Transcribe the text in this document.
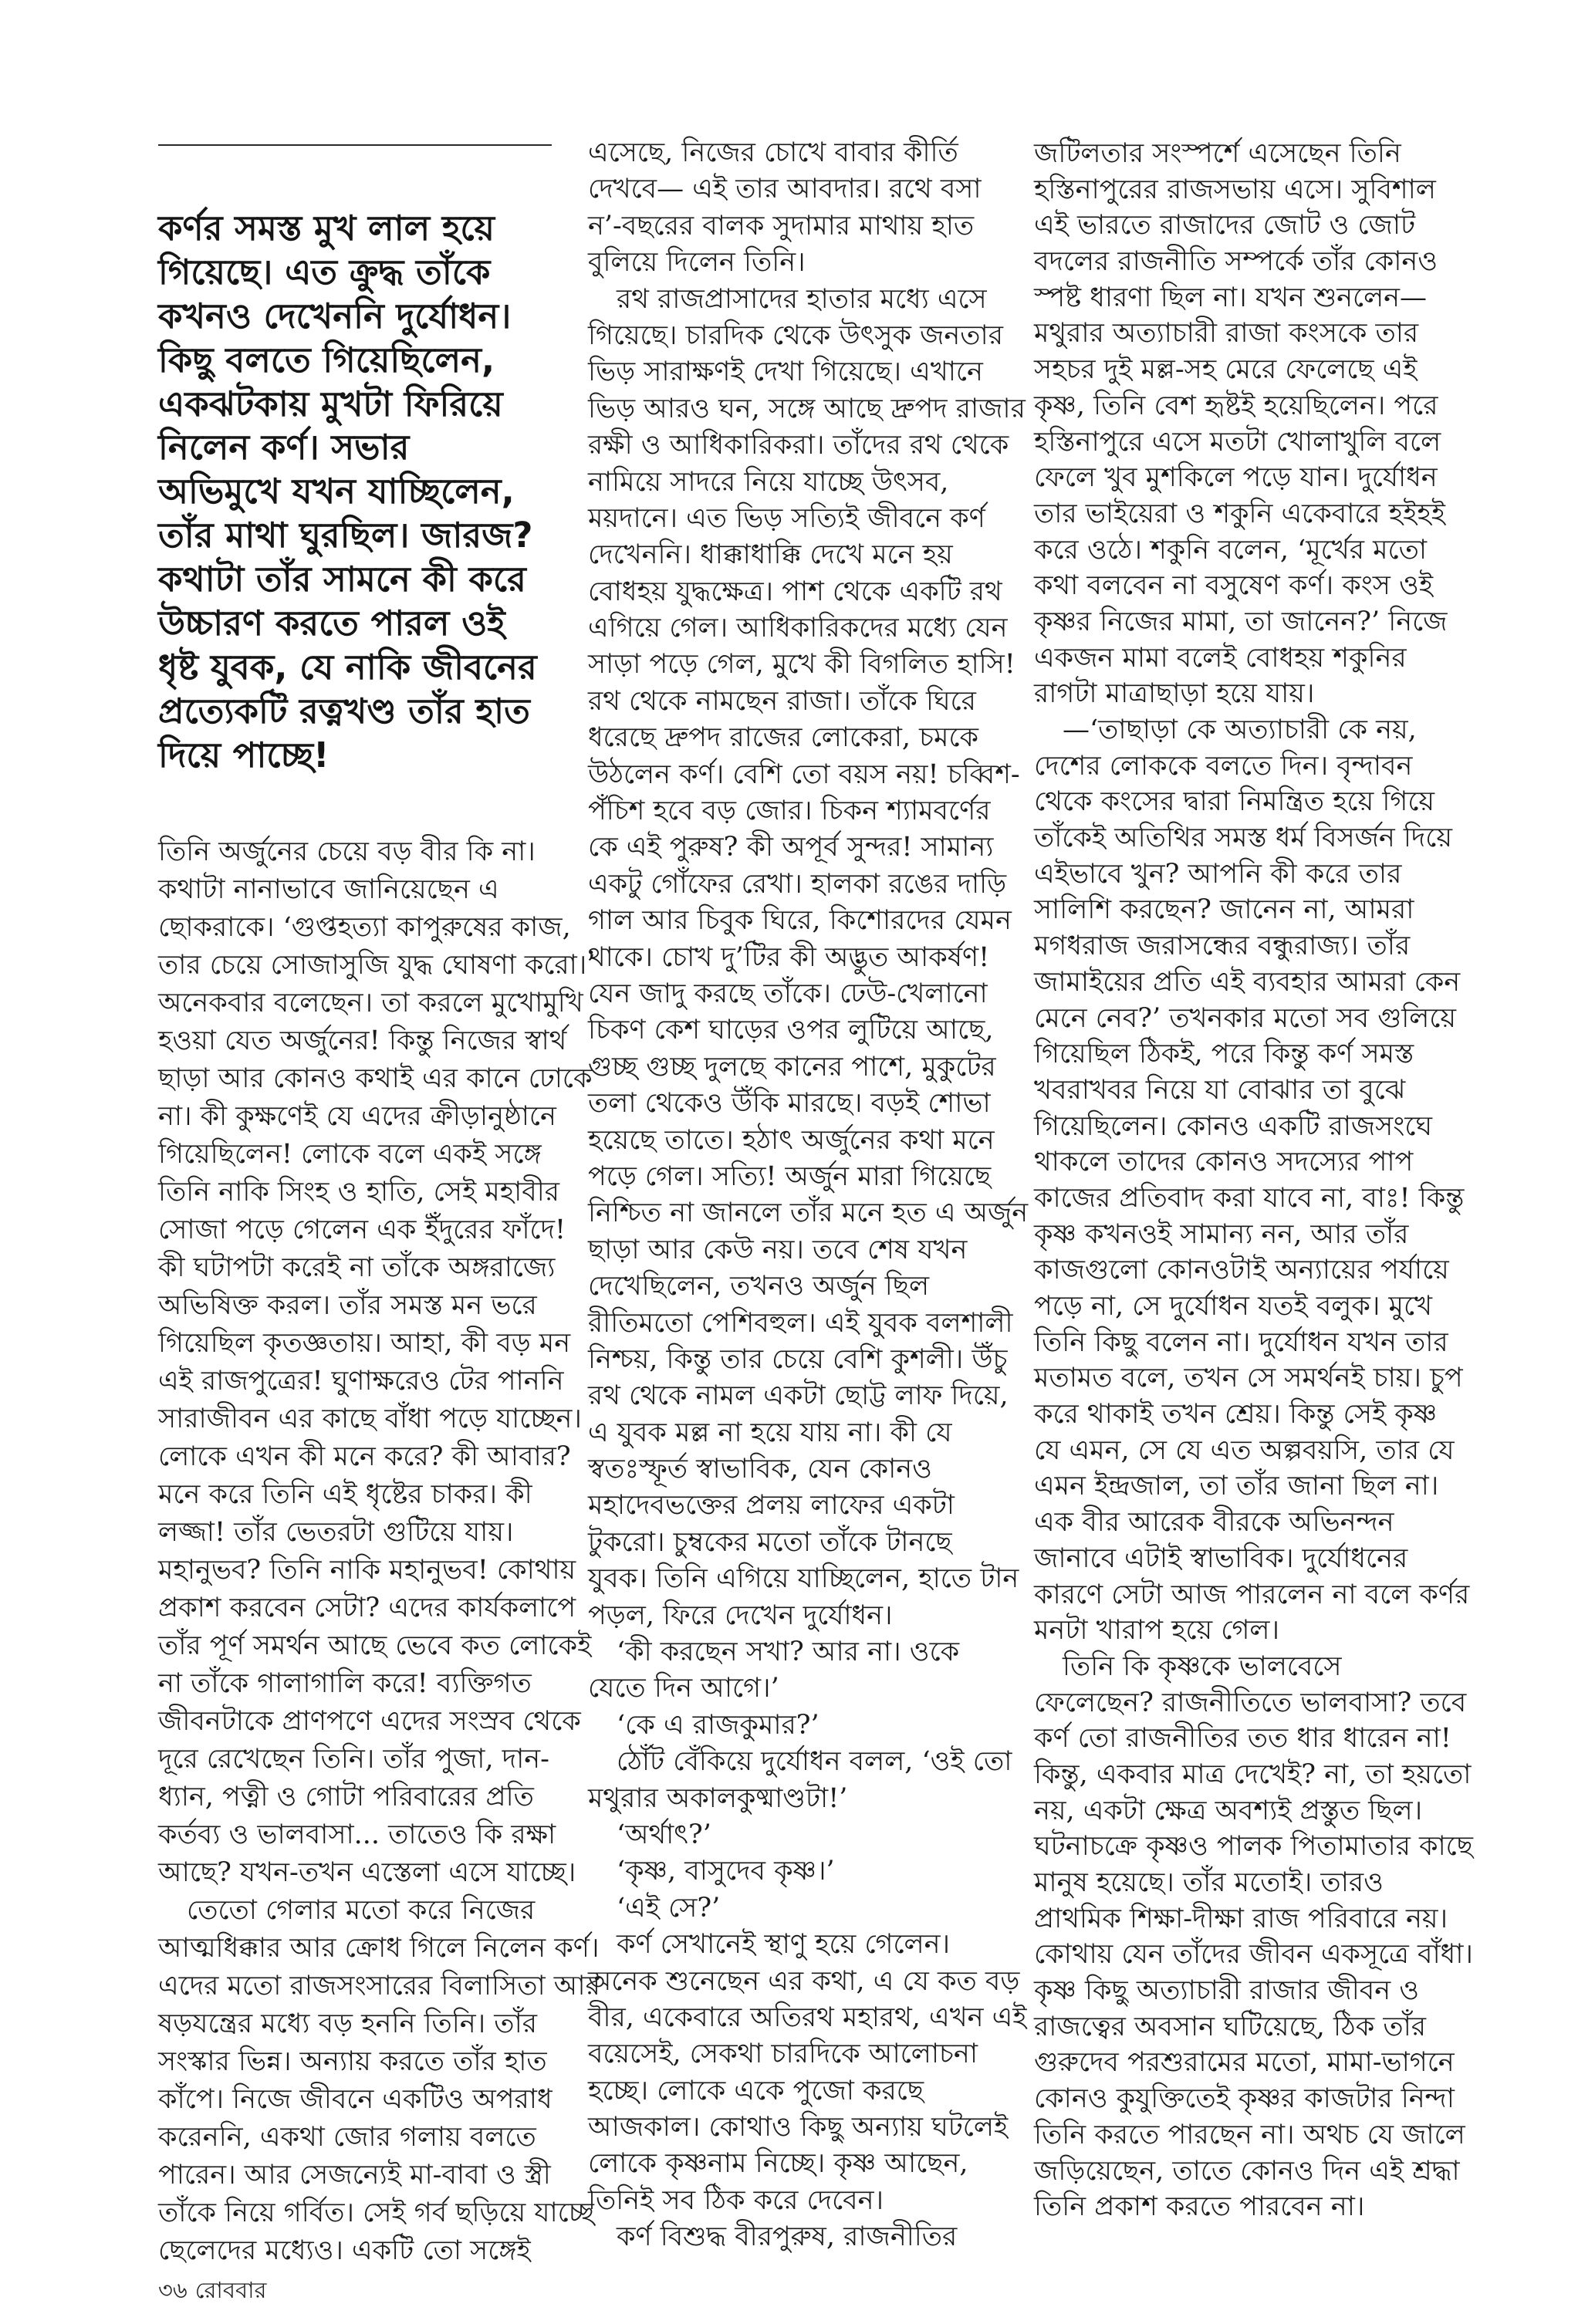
কর্ণর সমস্ত মুখ লাল হয়ে
গিয়েছে। এত ক্রুদ্ধ তাঁকে
কখনও দেখেননি দুর্যোধন।
কিছু বলতে গিয়েছিলেন,
একঝটকায় মুখটা ফিরিয়ে
নিলেন কর্ণ। সভার
অভিমুখে যখন যাচ্ছিলেন,
তাঁর মাথা ঘুরছিল। জারজ?
কথাটা তাঁর সামনে কী করে
উচ্চারণ করতে পারল ওই
ধৃষ্ট যুবক, যে নাকি জীবনের
প্রত্যেকটি রত্নখণ্ড তাঁর হাত
দিয়ে পাচ্ছে!
তিনি অর্জুনের চেয়ে বড় বীর কি না।
কথাটা নানাভাবে জানিয়েছেন এ
ছোকরাকে। ‘গুপ্তহত্যা কাপুরুষের কাজ,
তার চেয়ে সোজাসুজি যুদ্ধ ঘোষণা করো।’
অনেকবার বলেছেন। তা করলে মুখোমুখি
হওয়া যেত অর্জুনের! কিন্তু নিজের স্বার্থ
ছাড়া আর কোনও কথাই এর কানে ঢোকে
না। কী কুক্ষণেই যে এদের ক্রীড়ানুষ্ঠানে
গিয়েছিলেন! লোকে বলে একই সঙ্গে
তিনি নাকি সিংহ ও হাতি, সেই মহাবীর
সোজা পড়ে গেলেন এক ইঁদুরের ফাঁদে!
কী ঘটাপটা করেই না তাঁকে অঙ্গরাজ্যে
অভিষিক্ত করল। তাঁর সমস্ত মন ভরে
গিয়েছিল কৃতজ্ঞতায়। আহা, কী বড় মন
এই রাজপুত্রের! ঘুণাক্ষরেও টের পাননি
সারাজীবন এর কাছে বাঁধা পড়ে যাচ্ছেন।
লোকে এখন কী মনে করে? কী আবার?
মনে করে তিনি এই ধৃষ্টের চাকর। কী
লজ্জা! তাঁর ভেতরটা গুটিয়ে যায়।
মহানুভব? তিনি নাকি মহানুভব! কোথায়
প্রকাশ করবেন সেটা? এদের কার্যকলাপে
তাঁর পূর্ণ সমর্থন আছে ভেবে কত লোকেই
না তাঁকে গালাগালি করে! ব্যক্তিগত
জীবনটাকে প্রাণপণে এদের সংস্রব থেকে
দূরে রেখেছেন তিনি। তাঁর পুজা, দান-
ধ্যান, পত্নী ও গোটা পরিবারের প্রতি
কর্তব্য ও ভালবাসা... তাতেও কি রক্ষা
আছে? যখন-তখন এস্তেলা এসে যাচ্ছে।
তেতো গেলার মতো করে নিজের
আত্মধিক্কার আর ক্রোধ গিলে নিলেন কর্ণ।
এদের মতো রাজসংসারের বিলাসিতা আর
ষড়যন্ত্রের মধ্যে বড় হননি তিনি। তাঁর
সংস্কার ভিন্ন। অন্যায় করতে তাঁর হাত
কাঁপে। নিজে জীবনে একটিও অপরাধ
করেননি, একথা জোর গলায় বলতে
পারেন। আর সেজন্যেই মা-বাবা ও স্ত্রী
তাঁকে নিয়ে গর্বিত। সেই গর্ব ছড়িয়ে যাচ্ছে
ছেলেদের মধ্যেও। একটি তো সঙ্গেই
এসেছে, নিজের চোখে বাবার কীর্তি
দেখবে— এই তার আবদার। রথে বসা
ন’-বছরের বালক সুদামার মাথায় হাত
বুলিয়ে দিলেন তিনি।
রথ রাজপ্রাসাদের হাতার মধ্যে এসে
গিয়েছে। চারদিক থেকে উৎসুক জনতার
ভিড় সারাক্ষণই দেখা গিয়েছে। এখানে
ভিড় আরও ঘন, সঙ্গে আছে দ্রুপদ রাজার
রক্ষী ও আধিকারিকরা। তাঁদের রথ থেকে
নামিয়ে সাদরে নিয়ে যাচ্ছে উৎসব,
ময়দানে। এত ভিড় সত্যিই জীবনে কর্ণ
দেখেননি। ধাক্কাধাক্কি দেখে মনে হয়
বোধহয় যুদ্ধক্ষেত্র। পাশ থেকে একটি রথ
এগিয়ে গেল। আধিকারিকদের মধ্যে যেন
সাড়া পড়ে গেল, মুখে কী বিগলিত হাসি!
রথ থেকে নামছেন রাজা। তাঁকে ঘিরে
ধরেছে দ্রুপদ রাজের লোকেরা, চমকে
উঠলেন কর্ণ। বেশি তো বয়স নয়! চব্বিশ-
পঁচিশ হবে বড় জোর। চিকন শ্যামবর্ণের
কে এই পুরুষ? কী অপূর্ব সুন্দর! সামান্য
একটু গোঁফের রেখা। হালকা রঙের দাড়ি
গাল আর চিবুক ঘিরে, কিশোরদের যেমন
থাকে। চোখ দু’টির কী অদ্ভুত আকর্ষণ!
যেন জাদু করছে তাঁকে। ঢেউ-খেলানো
চিকণ কেশ ঘাড়ের ওপর লুটিয়ে আছে,
গুচ্ছ গুচ্ছ দুলছে কানের পাশে, মুকুটের
তলা থেকেও উঁকি মারছে। বড়ই শোভা
হয়েছে তাতে। হঠাৎ অর্জুনের কথা মনে
পড়ে গেল। সত্যি! অর্জুন মারা গিয়েছে
নিশ্চিত না জানলে তাঁর মনে হত এ অর্জুন
ছাড়া আর কেউ নয়। তবে শেষ যখন
দেখেছিলেন, তখনও অর্জুন ছিল
রীতিমতো পেশিবহুল। এই যুবক বলশালী
নিশ্চয়, কিন্তু তার চেয়ে বেশি কুশলী। উঁচু
রথ থেকে নামল একটা ছোট্ট লাফ দিয়ে,
এ যুবক মল্ল না হয়ে যায় না। কী যে
স্বতঃস্ফূর্ত স্বাভাবিক, যেন কোনও
মহাদেবভক্তের প্রলয় লাফের একটা
টুকরো। চুম্বকের মতো তাঁকে টানছে
যুবক। তিনি এগিয়ে যাচ্ছিলেন, হাতে টান
পড়ল, ফিরে দেখেন দুর্যোধন।
‘কী করছেন সখা? আর না। ওকে
যেতে দিন আগে।’
‘কে এ রাজকুমার?’
ঠোঁট বেঁকিয়ে দুর্যোধন বলল, ‘ওই তো
মথুরার অকালকুষ্মাণ্ডটা!’
‘অর্থাৎ?’
‘কৃষ্ণ, বাসুদেব কৃষ্ণ।’
‘এই সে?’
কর্ণ সেখানেই স্থাণু হয়ে গেলেন।
অনেক শুনেছেন এর কথা, এ যে কত বড়
বীর, একেবারে অতিরথ মহারথ, এখন এই
বয়েসেই, সেকথা চারদিকে আলোচনা
হচ্ছে। লোকে একে পুজো করছে
আজকাল। কোথাও কিছু অন্যায় ঘটলেই
লোকে কৃষ্ণনাম নিচ্ছে। কৃষ্ণ আছেন,
তিনিই সব ঠিক করে দেবেন।
কর্ণ বিশুদ্ধ বীরপুরুষ, রাজনীতির
জটিলতার সংস্পর্শে এসেছেন তিনি
হস্তিনাপুরের রাজসভায় এসে। সুবিশাল
এই ভারতে রাজাদের জোট ও জোট
বদলের রাজনীতি সম্পর্কে তাঁর কোনও
স্পষ্ট ধারণা ছিল না। যখন শুনলেন—
মথুরার অত্যাচারী রাজা কংসকে তার
সহচর দুই মল্ল-সহ মেরে ফেলেছে এই
কৃষ্ণ, তিনি বেশ হৃষ্টই হয়েছিলেন। পরে
হস্তিনাপুরে এসে মতটা খোলাখুলি বলে
ফেলে খুব মুশকিলে পড়ে যান। দুর্যোধন
তার ভাইয়েরা ও শকুনি একেবারে হইহই
করে ওঠে। শকুনি বলেন, ‘মূর্খের মতো
কথা বলবেন না বসুষেণ কর্ণ। কংস ওই
কৃষ্ণর নিজের মামা, তা জানেন?’ নিজে
একজন মামা বলেই বোধহয় শকুনির
রাগটা মাত্রাছাড়া হয়ে যায়।
—‘তাছাড়া কে অত্যাচারী কে নয়,
দেশের লোককে বলতে দিন। বৃন্দাবন
থেকে কংসের দ্বারা নিমন্ত্রিত হয়ে গিয়ে
তাঁকেই অতিথির সমস্ত ধর্ম বিসর্জন দিয়ে
এইভাবে খুন? আপনি কী করে তার
সালিশি করছেন? জানেন না, আমরা
মগধরাজ জরাসন্ধের বন্ধুরাজ্য। তাঁর
জামাইয়ের প্রতি এই ব্যবহার আমরা কেন
মেনে নেব?’ তখনকার মতো সব গুলিয়ে
গিয়েছিল ঠিকই, পরে কিন্তু কর্ণ সমস্ত
খবরাখবর নিয়ে যা বোঝার তা বুঝে
গিয়েছিলেন। কোনও একটি রাজসংঘে
থাকলে তাদের কোনও সদস্যের পাপ
কাজের প্রতিবাদ করা যাবে না, বাঃ! কিন্তু
কৃষ্ণ কখনওই সামান্য নন, আর তাঁর
কাজগুলো কোনওটাই অন্যায়ের পর্যায়ে
পড়ে না, সে দুর্যোধন যতই বলুক। মুখে
তিনি কিছু বলেন না। দুর্যোধন যখন তার
মতামত বলে, তখন সে সমর্থনই চায়। চুপ
করে থাকাই তখন শ্রেয়। কিন্তু সেই কৃষ্ণ
যে এমন, সে যে এত অল্পবয়সি, তার যে
এমন ইন্দ্রজাল, তা তাঁর জানা ছিল না।
এক বীর আরেক বীরকে অভিনন্দন
জানাবে এটাই স্বাভাবিক। দুর্যোধনের
কারণে সেটা আজ পারলেন না বলে কর্ণর
মনটা খারাপ হয়ে গেল।
তিনি কি কৃষ্ণকে ভালবেসে
ফেলেছেন? রাজনীতিতে ভালবাসা? তবে
কর্ণ তো রাজনীতির তত ধার ধারেন না!
কিন্তু, একবার মাত্র দেখেই? না, তা হয়তো
নয়, একটা ক্ষেত্র অবশ্যই প্রস্তুত ছিল।
ঘটনাচক্রে কৃষ্ণও পালক পিতামাতার কাছে
মানুষ হয়েছে। তাঁর মতোই। তারও
প্রাথমিক শিক্ষা-দীক্ষা রাজ পরিবারে নয়।
কোথায় যেন তাঁদের জীবন একসূত্রে বাঁধা।
কৃষ্ণ কিছু অত্যাচারী রাজার জীবন ও
রাজত্বের অবসান ঘটিয়েছে, ঠিক তাঁর
গুরুদেব পরশুরামের মতো, মামা-ভাগনে
কোনও কুযুক্তিতেই কৃষ্ণর কাজটার নিন্দা
তিনি করতে পারছেন না। অথচ যে জালে
জড়িয়েছেন, তাতে কোনও দিন এই শ্রদ্ধা
তিনি প্রকাশ করতে পারবেন না।
৩৬ রোববার
